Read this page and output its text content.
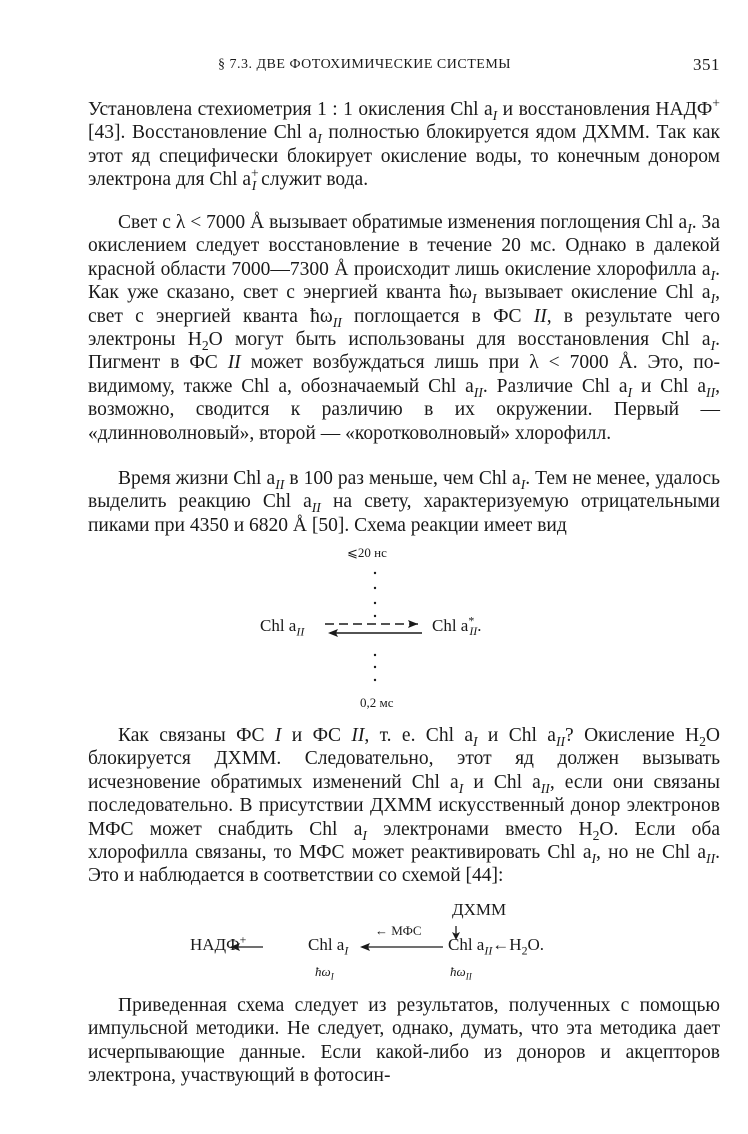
§ 7.3. ДВЕ ФОТОХИМИЧЕСКИЕ СИСТЕМЫ	351

Установлена стехиометрия 1 : 1 окисления Chl $a_I$ и восстановления НАДФ+ [43]. Восстановление Chl $a_I$ полностью блокируется ядом ДХММ. Так как этот яд специфически блокирует окисление воды, то конечным донором электрона для Chl $a^+_I$ служит вода.

Свет с λ < 7000 Å вызывает обратимые изменения поглощения Chl $a_I$. За окислением следует восстановление в течение 20 мс. Однако в далекой красной области 7000—7300 Å происходит лишь окисление хлорофилла $a_I$. Как уже сказано, свет с энергией кванта $ħ\omega_I$ вызывает окисление Chl $a_I$, свет с энергией кванта $ħ\omega_{II}$ поглощается в ФС II, в результате чего электроны $H_2O$ могут быть использованы для восстановления Chl $a_I$. Пигмент в ФС II может возбуждаться лишь при λ < 7000 Å. Это, по-видимому, также Chl a, обозначаемый Chl $a_{II}$. Различие Chl $a_I$ и Chl $a_{II}$, возможно, сводится к различию в их окружении. Первый — «длинноволновый», второй — «коротковолновый» хлорофилл.

Время жизни Chl $a_{II}$ в 100 раз меньше, чем Chl $a_I$. Тем не менее, удалось выделить реакцию Chl $a_{II}$ на свету, характеризуемую отрицательными пиками при 4350 и 6820 Å [50]. Схема реакции имеет вид

⩽20 нс
Chl $a_{II}$	Chl $a^*_{II}$.
0,2 мс

Как связаны ФС I и ФС II, т. е. Chl $a_I$ и Chl $a_{II}$? Окисление $H_2O$ блокируется ДХММ. Следовательно, этот яд должен вызывать исчезновение обратимых изменений Chl $a_I$ и Chl $a_{II}$, если они связаны последовательно. В присутствии ДХММ искусственный донор электронов МФС может снабдить Chl $a_I$ электронами вместо $H_2O$. Если оба хлорофилла связаны, то МФС может реактивировать Chl $a_I$, но не Chl $a_{II}$. Это и наблюдается в соответствии со схемой [44]:

ДХММ
← МФС
НАДФ+	Chl $a_I$	Chl $a_{II}\leftarrow H_2O$.
$ħ\omega_I$	$ħ\omega_{II}$

Приведенная схема следует из результатов, полученных с помощью импульсной методики. Не следует, однако, думать, что эта методика дает исчерпывающие данные. Если какой-либо из доноров и акцепторов электрона, участвующий в фотосин-
